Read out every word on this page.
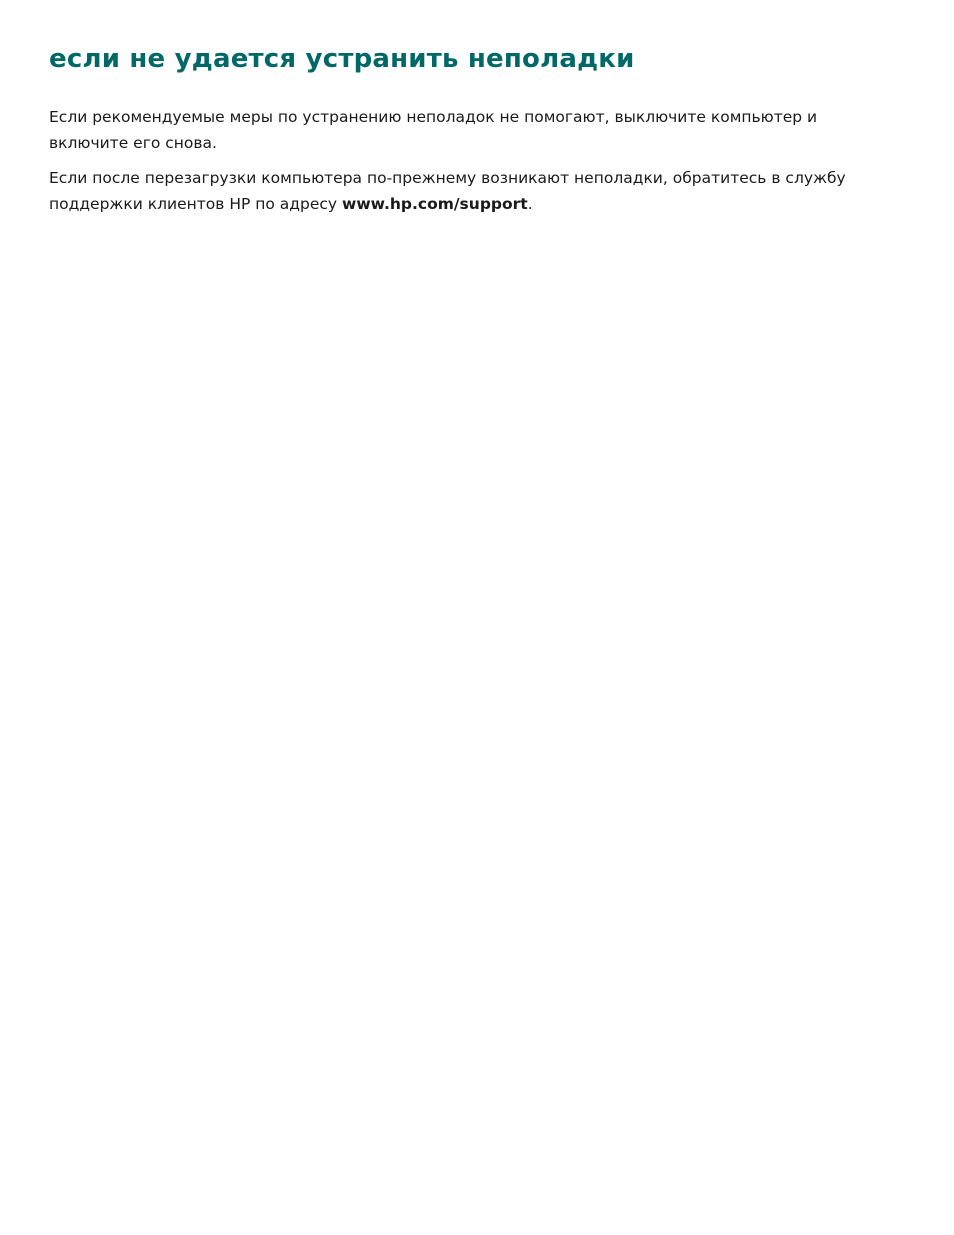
если не удается устранить неполадки

Если рекомендуемые меры по устранению неполадок не помогают, выключите компьютер и включите его снова.

Если после перезагрузки компьютера по-прежнему возникают неполадки, обратитесь в службу поддержки клиентов HP по адресу www.hp.com/support.
